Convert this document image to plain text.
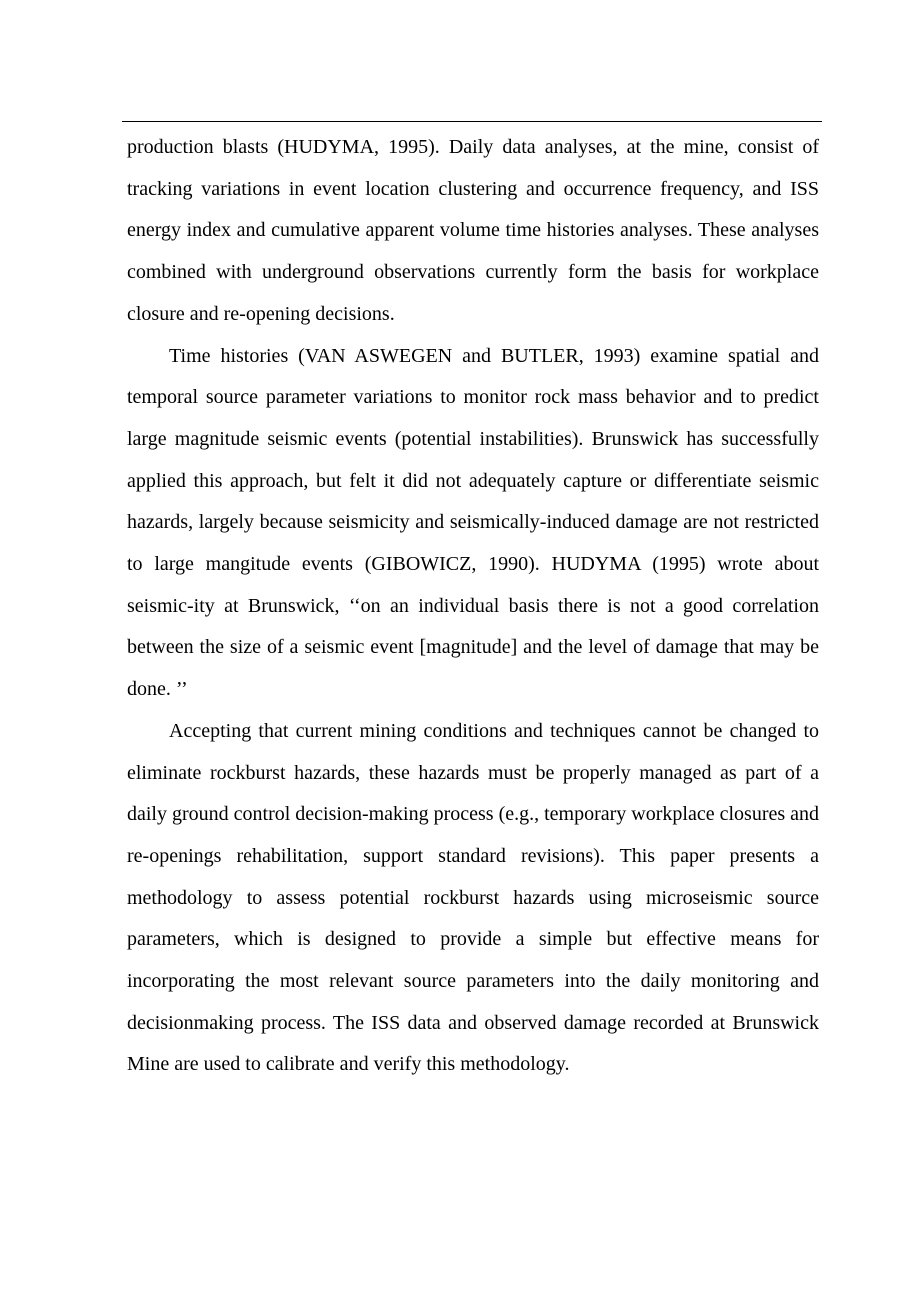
production blasts (HUDYMA, 1995). Daily data analyses, at the mine, consist of tracking variations in event location clustering and occurrence frequency, and ISS energy index and cumulative apparent volume time histories analyses. These analyses combined with underground observations currently form the basis for workplace closure and re-opening decisions.

Time histories (VAN ASWEGEN and BUTLER, 1993) examine spatial and temporal source parameter variations to monitor rock mass behavior and to predict large magnitude seismic events (potential instabilities). Brunswick has successfully applied this approach, but felt it did not adequately capture or differentiate seismic hazards, largely because seismicity and seismically-induced damage are not restricted to large mangitude events (GIBOWICZ, 1990). HUDYMA (1995) wrote about seismic-ity at Brunswick, ‘‘on an individual basis there is not a good correlation between the size of a seismic event [magnitude] and the level of damage that may be done. ’’

Accepting that current mining conditions and techniques cannot be changed to eliminate rockburst hazards, these hazards must be properly managed as part of a daily ground control decision-making process (e.g., temporary workplace closures and re-openings rehabilitation, support standard revisions). This paper presents a methodology to assess potential rockburst hazards using microseismic source parameters, which is designed to provide a simple but effective means for incorporating the most relevant source parameters into the daily monitoring and decisionmaking process. The ISS data and observed damage recorded at Brunswick Mine are used to calibrate and verify this methodology.
